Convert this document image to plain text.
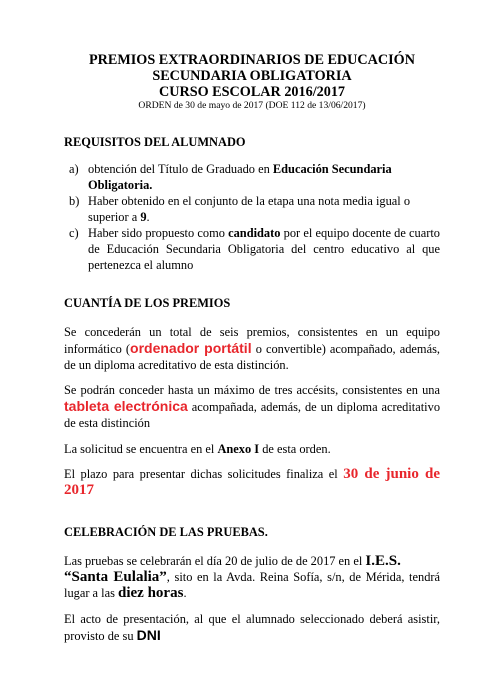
PREMIOS EXTRAORDINARIOS DE EDUCACIÓN
SECUNDARIA OBLIGATORIA
CURSO ESCOLAR 2016/2017
ORDEN de 30 de mayo de 2017 (DOE 112 de 13/06/2017)
REQUISITOS DEL ALUMNADO
a) obtención del Título de Graduado en Educación Secundaria
Obligatoria.
b) Haber obtenido en el conjunto de la etapa una nota media igual o
superior a 9.
c) Haber sido propuesto como candidato por el equipo docente de cuarto de Educación Secundaria Obligatoria del centro educativo al que pertenezca el alumno
CUANTÍA DE LOS PREMIOS

Se concederán un total de seis premios, consistentes en un equipo
informático (ordenador portátil o convertible) acompañado, además, de un diploma acreditativo de esta distinción.

Se podrán conceder hasta un máximo de tres accésits, consistentes en una
tableta electrónica acompañada, además, de un diploma acreditativo de esta distinción

La solicitud se encuentra en el Anexo I de esta orden.

El plazo para presentar dichas solicitudes finaliza el 30 de junio de
2017

CELEBRACIÓN DE LAS PRUEBAS.

Las pruebas se celebrarán el día 20 de julio de de 2017 en el I.E.S.
“Santa Eulalia”, sito en la Avda. Reina Sofía, s/n, de Mérida, tendrá lugar a las diez horas.

El acto de presentación, al que el alumnado seleccionado deberá asistir, provisto de su DNI
